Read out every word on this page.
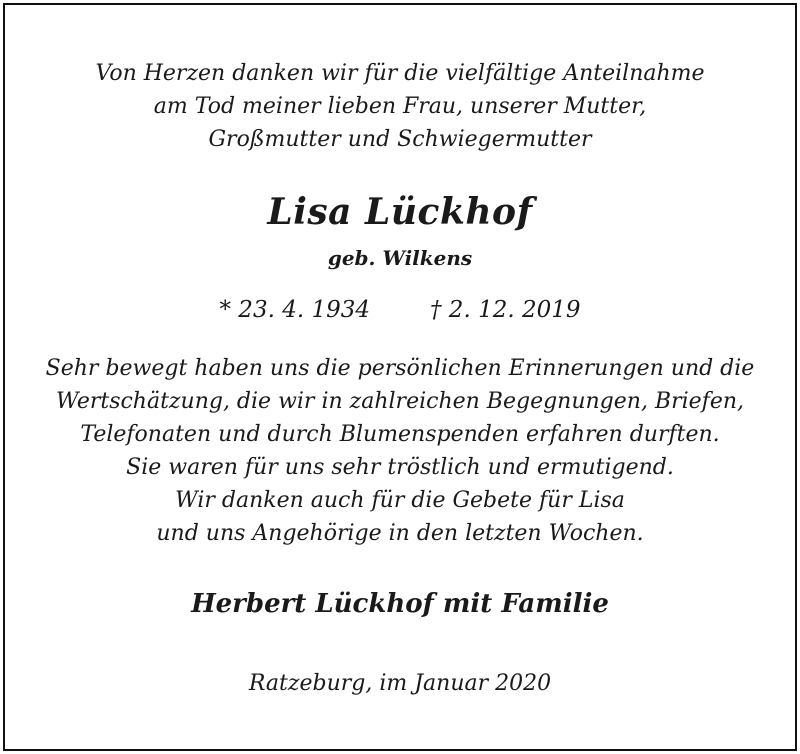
Von Herzen danken wir für die vielfältige Anteilnahme
am Tod meiner lieben Frau, unserer Mutter,
Großmutter und Schwiegermutter
Lisa Lückhof
geb. Wilkens
* 23. 4. 1934	† 2. 12. 2019
Sehr bewegt haben uns die persönlichen Erinnerungen und die
Wertschätzung, die wir in zahlreichen Begegnungen, Briefen,
Telefonaten und durch Blumenspenden erfahren durften.
Sie waren für uns sehr tröstlich und ermutigend.
Wir danken auch für die Gebete für Lisa
und uns Angehörige in den letzten Wochen.
Herbert Lückhof mit Familie
Ratzeburg, im Januar 2020
